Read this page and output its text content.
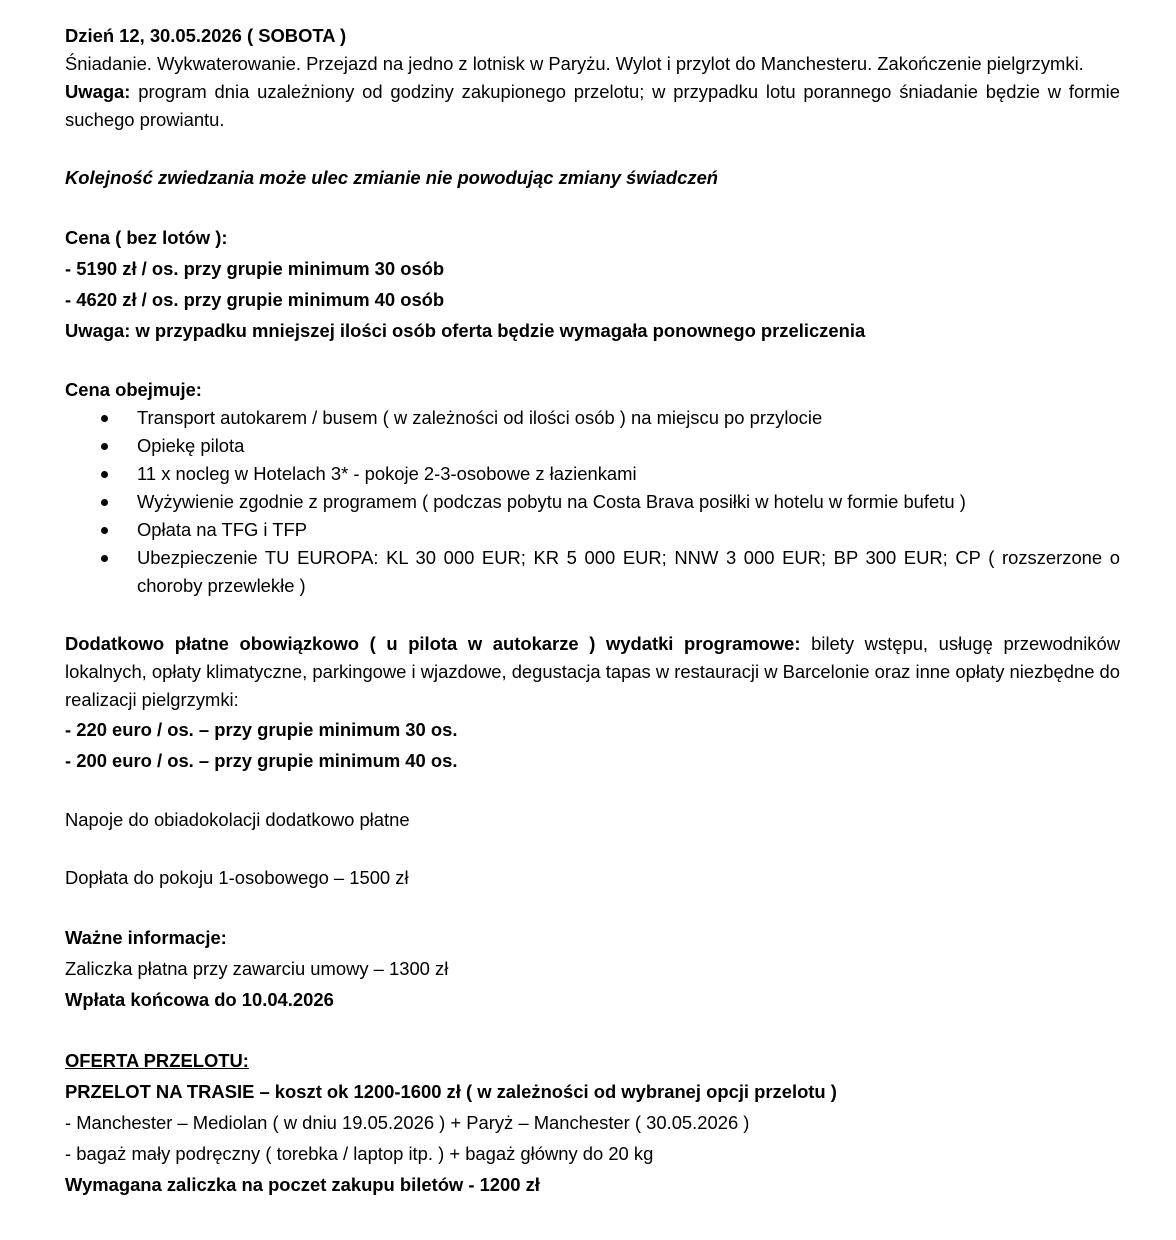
Dzień 12, 30.05.2026 ( SOBOTA )

Śniadanie. Wykwaterowanie. Przejazd na jedno z lotnisk w Paryżu. Wylot i przylot do Manchesteru. Zakończenie pielgrzymki.

Uwaga: program dnia uzależniony od godziny zakupionego przelotu; w przypadku lotu porannego śniadanie będzie w formie suchego prowiantu.

Kolejność zwiedzania może ulec zmianie nie powodując zmiany świadczeń

Cena ( bez lotów ):

- 5190 zł / os. przy grupie minimum 30 osób

- 4620 zł / os. przy grupie minimum 40 osób

Uwaga: w przypadku mniejszej ilości osób oferta będzie wymagała ponownego przeliczenia

Cena obejmuje:

Transport autokarem / busem ( w zależności od ilości osób ) na miejscu po przylocie
Opiekę pilota
11 x nocleg w Hotelach 3* - pokoje 2-3-osobowe z łazienkami
Wyżywienie zgodnie z programem ( podczas pobytu na Costa Brava posiłki w hotelu w formie bufetu )
Opłata na TFG i TFP
Ubezpieczenie TU EUROPA: KL 30 000 EUR; KR 5 000 EUR; NNW 3 000 EUR; BP 300 EUR; CP ( rozszerzone o choroby przewlekłe )

Dodatkowo płatne obowiązkowo ( u pilota w autokarze ) wydatki programowe: bilety wstępu, usługę przewodników lokalnych, opłaty klimatyczne, parkingowe i wjazdowe, degustacja tapas w restauracji w Barcelonie oraz inne opłaty niezbędne do realizacji pielgrzymki:

- 220 euro / os. – przy grupie minimum 30 os.

- 200 euro / os. – przy grupie minimum 40 os.

Napoje do obiadokolacji dodatkowo płatne

Dopłata do pokoju 1-osobowego – 1500 zł

Ważne informacje:

Zaliczka płatna przy zawarciu umowy – 1300 zł

Wpłata końcowa do 10.04.2026

OFERTA PRZELOTU:

PRZELOT NA TRASIE – koszt ok 1200-1600 zł ( w zależności od wybranej opcji przelotu )

- Manchester – Mediolan ( w dniu 19.05.2026 ) + Paryż – Manchester ( 30.05.2026 )

- bagaż mały podręczny ( torebka / laptop itp. ) + bagaż główny do 20 kg

Wymagana zaliczka na poczet zakupu biletów - 1200 zł
